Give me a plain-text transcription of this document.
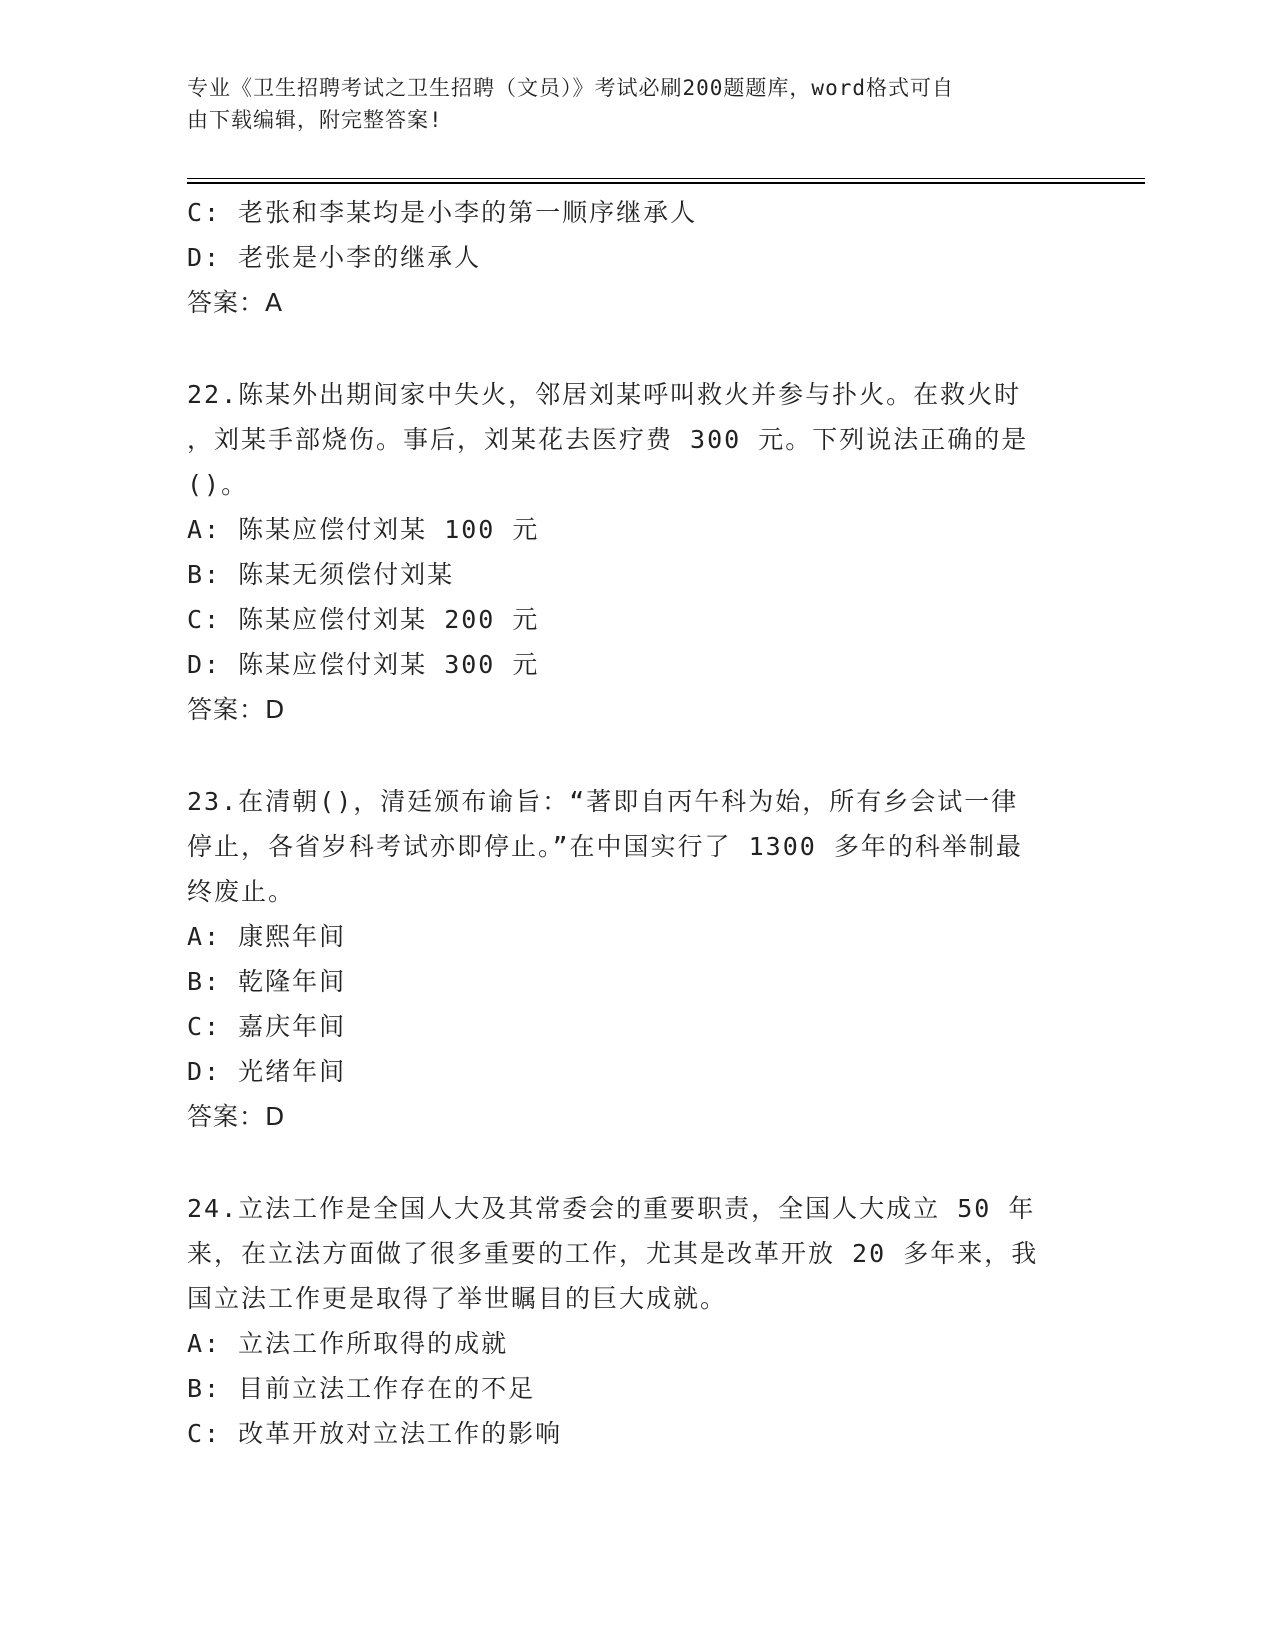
专业《卫生招聘考试之卫生招聘（文员）》考试必刷200题题库，word格式可自
由下载编辑，附完整答案!
C: 老张和李某均是小李的第一顺序继承人
D: 老张是小李的继承人
答案：A
22.陈某外出期间家中失火，邻居刘某呼叫救火并参与扑火。在救火时
，刘某手部烧伤。事后，刘某花去医疗费 300 元。下列说法正确的是
()。
A: 陈某应偿付刘某 100 元
B: 陈某无须偿付刘某
C: 陈某应偿付刘某 200 元
D: 陈某应偿付刘某 300 元
答案：D
23.在清朝()，清廷颁布谕旨：“著即自丙午科为始，所有乡会试一律
停止，各省岁科考试亦即停止。”在中国实行了 1300 多年的科举制最
终废止。
A: 康熙年间
B: 乾隆年间
C: 嘉庆年间
D: 光绪年间
答案：D
24.立法工作是全国人大及其常委会的重要职责，全国人大成立 50 年
来，在立法方面做了很多重要的工作，尤其是改革开放 20 多年来，我
国立法工作更是取得了举世瞩目的巨大成就。
A: 立法工作所取得的成就
B: 目前立法工作存在的不足
C: 改革开放对立法工作的影响
